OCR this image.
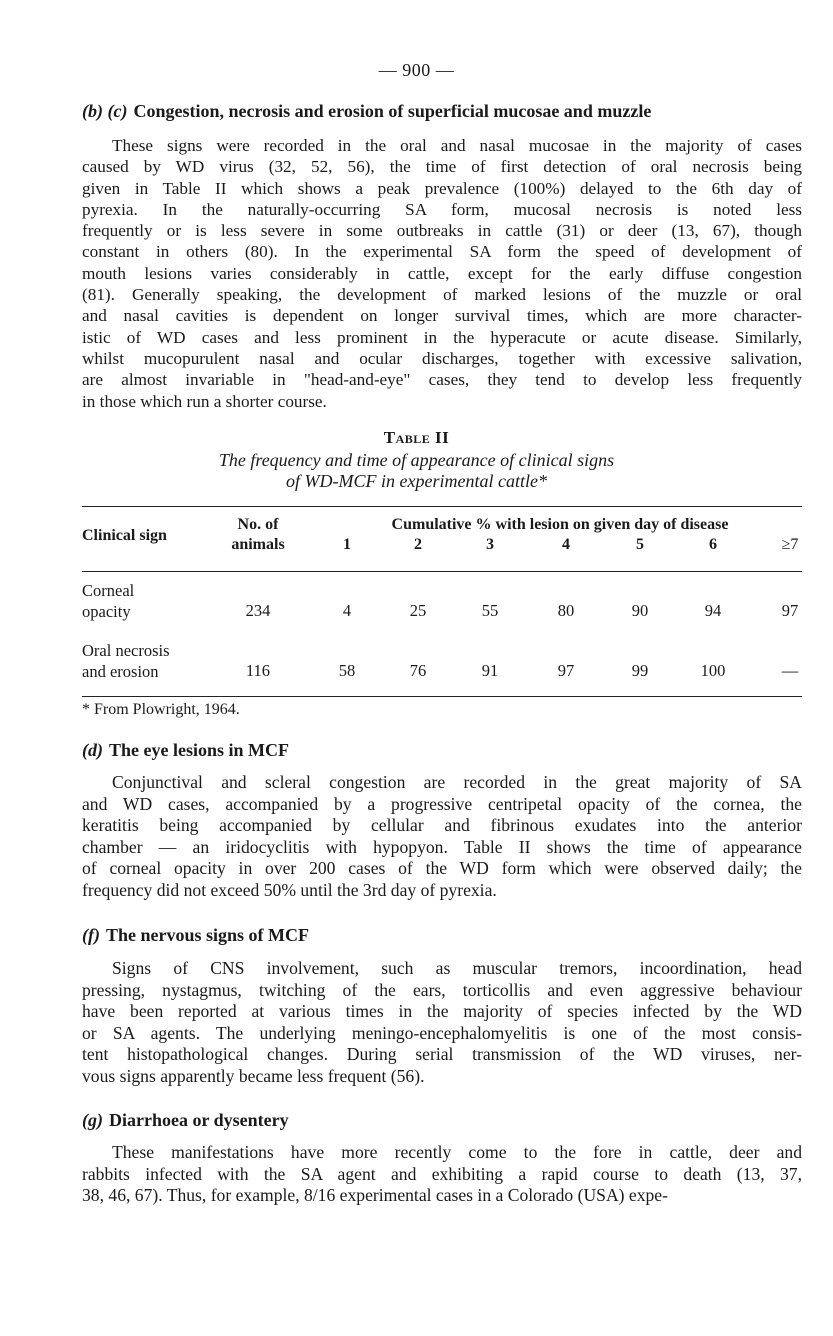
— 900 —
(b) (c) Congestion, necrosis and erosion of superficial mucosae and muzzle
These signs were recorded in the oral and nasal mucosae in the majority of cases
caused by WD virus (32, 52, 56), the time of first detection of oral necrosis being
given in Table II which shows a peak prevalence (100%) delayed to the 6th day of
pyrexia. In the naturally-occurring SA form, mucosal necrosis is noted less
frequently or is less severe in some outbreaks in cattle (31) or deer (13, 67), though
constant in others (80). In the experimental SA form the speed of development of
mouth lesions varies considerably in cattle, except for the early diffuse congestion
(81). Generally speaking, the development of marked lesions of the muzzle or oral
and nasal cavities is dependent on longer survival times, which are more character-
istic of WD cases and less prominent in the hyperacute or acute disease. Similarly,
whilst mucopurulent nasal and ocular discharges, together with excessive salivation,
are almost invariable in "head-and-eye" cases, they tend to develop less frequently
in those which run a shorter course.
Table II
The frequency and time of appearance of clinical signs
of WD-MCF in experimental cattle*
Clinical sign
No. of
animals
Cumulative % with lesion on given day of disease
1	2	3	4	5	6	≥7
Corneal
opacity	234	4	25	55	80	90	94	97
Oral necrosis
and erosion	116	58	76	91	97	99	100	—
* From Plowright, 1964.
(d) The eye lesions in MCF
Conjunctival and scleral congestion are recorded in the great majority of SA
and WD cases, accompanied by a progressive centripetal opacity of the cornea, the
keratitis being accompanied by cellular and fibrinous exudates into the anterior
chamber — an iridocyclitis with hypopyon. Table II shows the time of appearance
of corneal opacity in over 200 cases of the WD form which were observed daily; the
frequency did not exceed 50% until the 3rd day of pyrexia.
(f) The nervous signs of MCF
Signs of CNS involvement, such as muscular tremors, incoordination, head
pressing, nystagmus, twitching of the ears, torticollis and even aggressive behaviour
have been reported at various times in the majority of species infected by the WD
or SA agents. The underlying meningo-encephalomyelitis is one of the most consis-
tent histopathological changes. During serial transmission of the WD viruses, ner-
vous signs apparently became less frequent (56).
(g) Diarrhoea or dysentery
These manifestations have more recently come to the fore in cattle, deer and
rabbits infected with the SA agent and exhibiting a rapid course to death (13, 37,
38, 46, 67). Thus, for example, 8/16 experimental cases in a Colorado (USA) expe-
